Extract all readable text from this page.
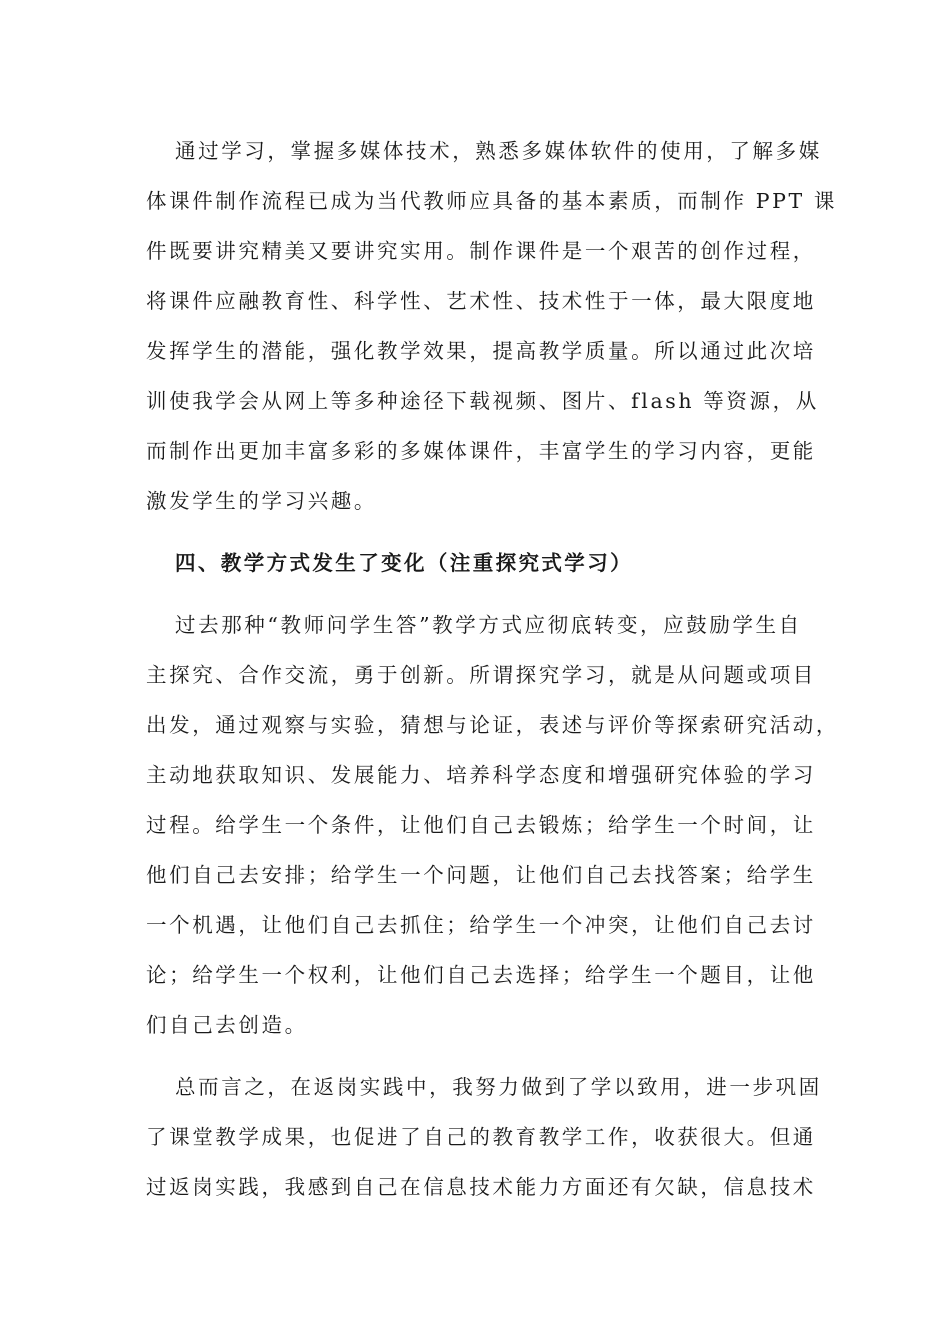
通过学习，掌握多媒体技术，熟悉多媒体软件的使用，了解多媒
体课件制作流程已成为当代教师应具备的基本素质，而制作 PPT 课
件既要讲究精美又要讲究实用。制作课件是一个艰苦的创作过程，
将课件应融教育性、科学性、艺术性、技术性于一体，最大限度地
发挥学生的潜能，强化教学效果，提高教学质量。所以通过此次培
训使我学会从网上等多种途径下载视频、图片、flash 等资源，从
而制作出更加丰富多彩的多媒体课件，丰富学生的学习内容，更能
激发学生的学习兴趣。
四、教学方式发生了变化（注重探究式学习）
过去那种“教师问学生答”教学方式应彻底转变，应鼓励学生自
主探究、合作交流，勇于创新。所谓探究学习，就是从问题或项目
出发，通过观察与实验，猜想与论证，表述与评价等探索研究活动，
主动地获取知识、发展能力、培养科学态度和增强研究体验的学习
过程。给学生一个条件，让他们自己去锻炼；给学生一个时间，让
他们自己去安排；给学生一个问题，让他们自己去找答案；给学生
一个机遇，让他们自己去抓住；给学生一个冲突，让他们自己去讨
论；给学生一个权利，让他们自己去选择；给学生一个题目，让他
们自己去创造。
总而言之，在返岗实践中，我努力做到了学以致用，进一步巩固
了课堂教学成果，也促进了自己的教育教学工作，收获很大。但通
过返岗实践，我感到自己在信息技术能力方面还有欠缺，信息技术
